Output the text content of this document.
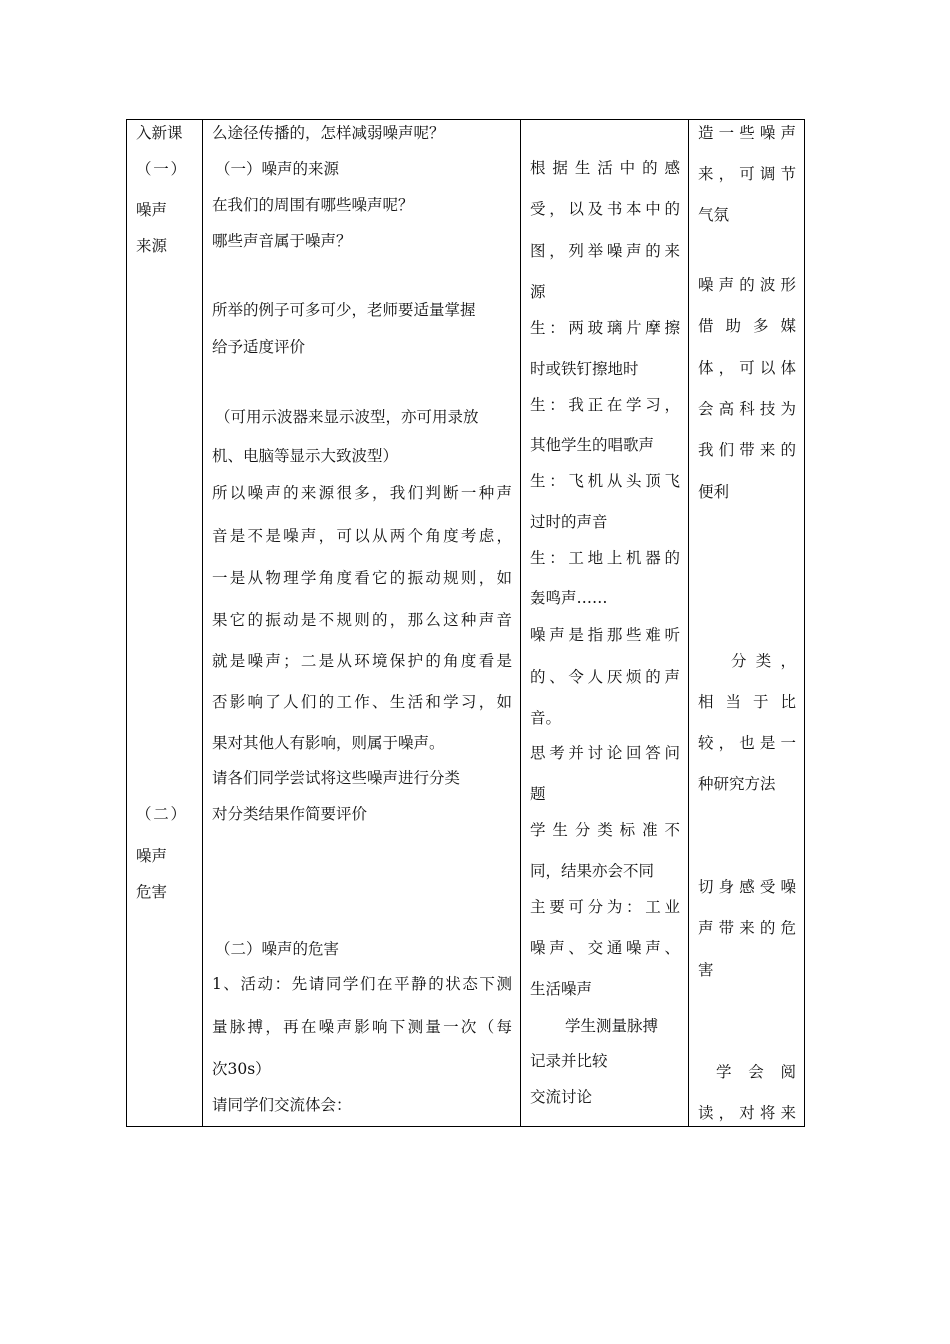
入新课
（一）
噪声
来源
（二）
噪声
危害
么途径传播的，怎样减弱噪声呢？
（一）噪声的来源
在我们的周围有哪些噪声呢？
哪些声音属于噪声？
所举的例子可多可少，老师要适量掌握
给予适度评价
（可用示波器来显示波型，亦可用录放
机、电脑等显示大致波型）
所以噪声的来源很多，我们判断一种声
音是不是噪声，可以从两个角度考虑，
一是从物理学角度看它的振动规则，如
果它的振动是不规则的，那么这种声音
就是噪声；二是从环境保护的角度看是
否影响了人们的工作、生活和学习，如
果对其他人有影响，则属于噪声。
请各们同学尝试将这些噪声进行分类
对分类结果作简要评价
（二）噪声的危害
1、活动：先请同学们在平静的状态下测
量脉搏，再在噪声影响下测量一次（每
次30s）
请同学们交流体会：
根据生活中的感
受，以及书本中的
图，列举噪声的来
源
生：两玻璃片摩擦
时或铁钉擦地时
生：我正在学习，
其他学生的唱歌声
生：飞机从头顶飞
过时的声音
生：工地上机器的
轰鸣声……
噪声是指那些难听
的、令人厌烦的声
音。
思考并讨论回答问
题
学生分类标准不
同，结果亦会不同
主要可分为：工业
噪声、交通噪声、
生活噪声
学生测量脉搏
记录并比较
交流讨论
造一些噪声
来，可调节
气氛
噪声的波形
借助多媒
体，可以体
会高科技为
我们带来的
便利
分类，
相当于比
较，也是一
种研究方法
切身感受噪
声带来的危
害
学会阅
读，对将来
